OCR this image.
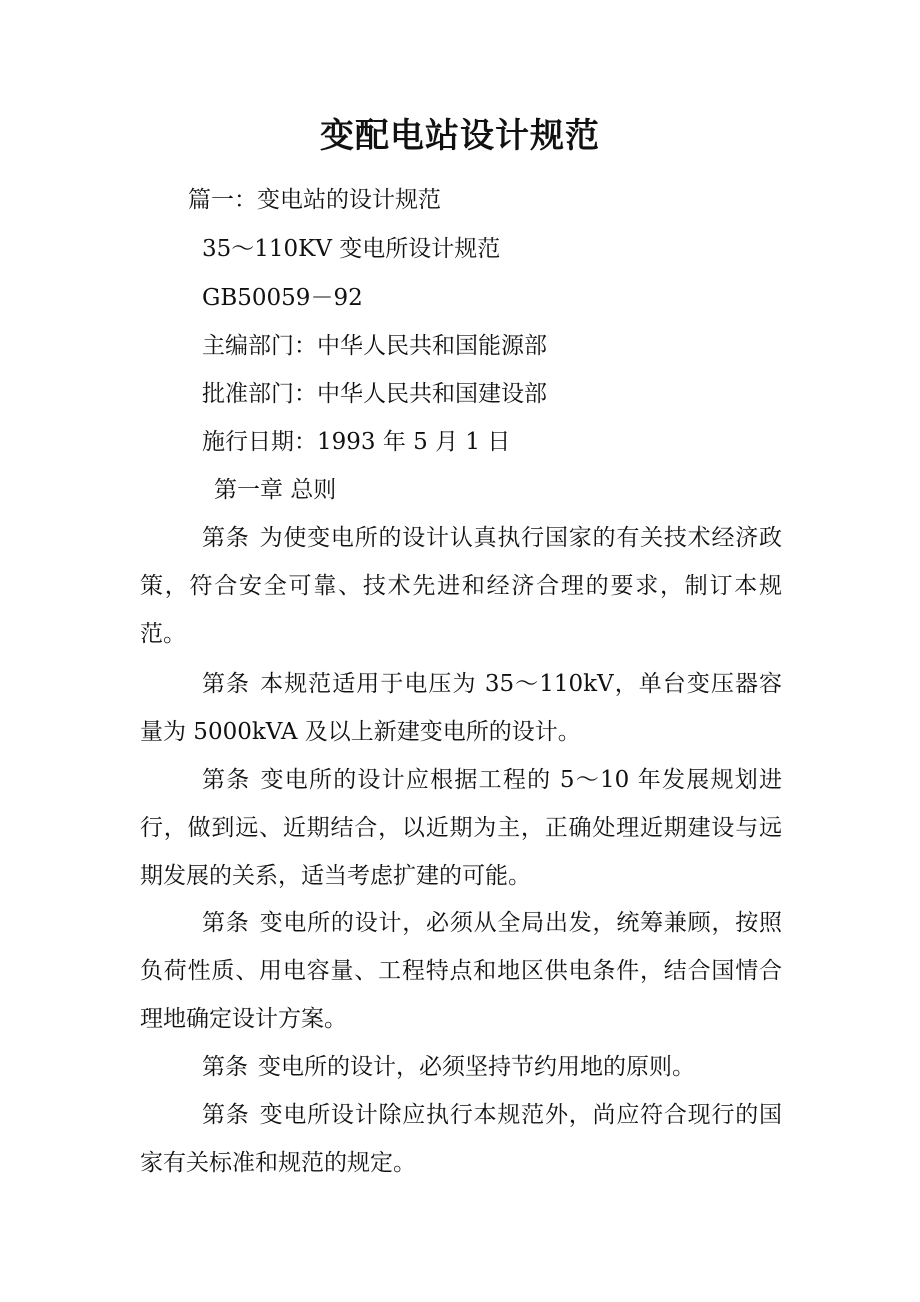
变配电站设计规范

篇一：变电站的设计规范

35～110KV 变电所设计规范

GB50059－92

主编部门：中华人民共和国能源部

批准部门：中华人民共和国建设部

施行日期：1993 年 5 月 1 日

第一章 总则

第条 为使变电所的设计认真执行国家的有关技术经济政策，符合安全可靠、技术先进和经济合理的要求，制订本规范。

第条 本规范适用于电压为 35～110kV，单台变压器容量为 5000kVA 及以上新建变电所的设计。

第条 变电所的设计应根据工程的 5～10 年发展规划进行，做到远、近期结合，以近期为主，正确处理近期建设与远期发展的关系，适当考虑扩建的可能。

第条 变电所的设计，必须从全局出发，统筹兼顾，按照负荷性质、用电容量、工程特点和地区供电条件，结合国情合理地确定设计方案。

第条 变电所的设计，必须坚持节约用地的原则。

第条 变电所设计除应执行本规范外，尚应符合现行的国家有关标准和规范的规定。
